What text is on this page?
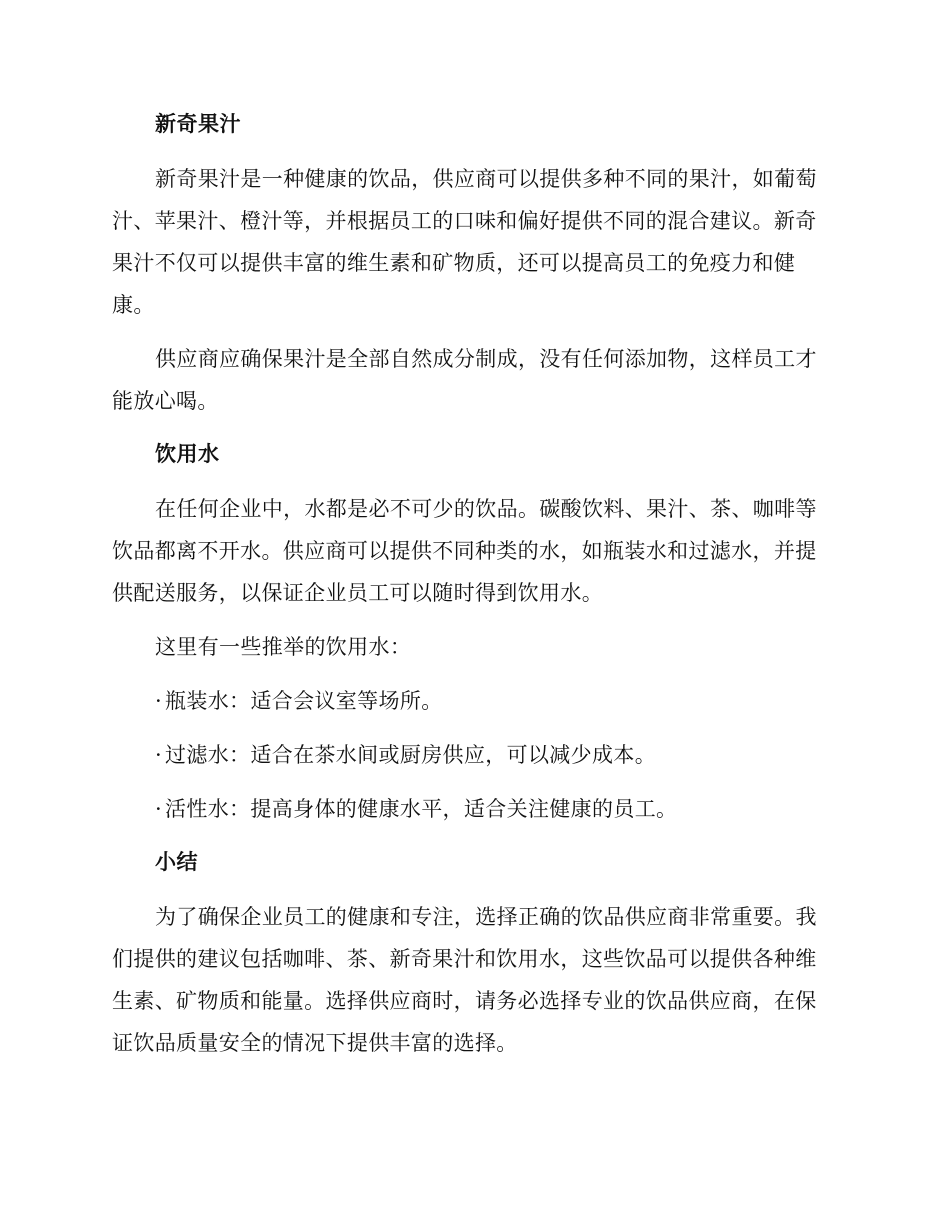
新奇果汁

新奇果汁是一种健康的饮品，供应商可以提供多种不同的果汁，如葡萄汁、苹果汁、橙汁等，并根据员工的口味和偏好提供不同的混合建议。新奇果汁不仅可以提供丰富的维生素和矿物质，还可以提高员工的免疫力和健康。

供应商应确保果汁是全部自然成分制成，没有任何添加物，这样员工才能放心喝。

饮用水

在任何企业中，水都是必不可少的饮品。碳酸饮料、果汁、茶、咖啡等饮品都离不开水。供应商可以提供不同种类的水，如瓶装水和过滤水，并提供配送服务，以保证企业员工可以随时得到饮用水。

这里有一些推举的饮用水：

· 瓶装水：适合会议室等场所。
· 过滤水：适合在茶水间或厨房供应，可以减少成本。
· 活性水：提高身体的健康水平，适合关注健康的员工。
小结

为了确保企业员工的健康和专注，选择正确的饮品供应商非常重要。我们提供的建议包括咖啡、茶、新奇果汁和饮用水，这些饮品可以提供各种维生素、矿物质和能量。选择供应商时，请务必选择专业的饮品供应商，在保证饮品质量安全的情况下提供丰富的选择。
